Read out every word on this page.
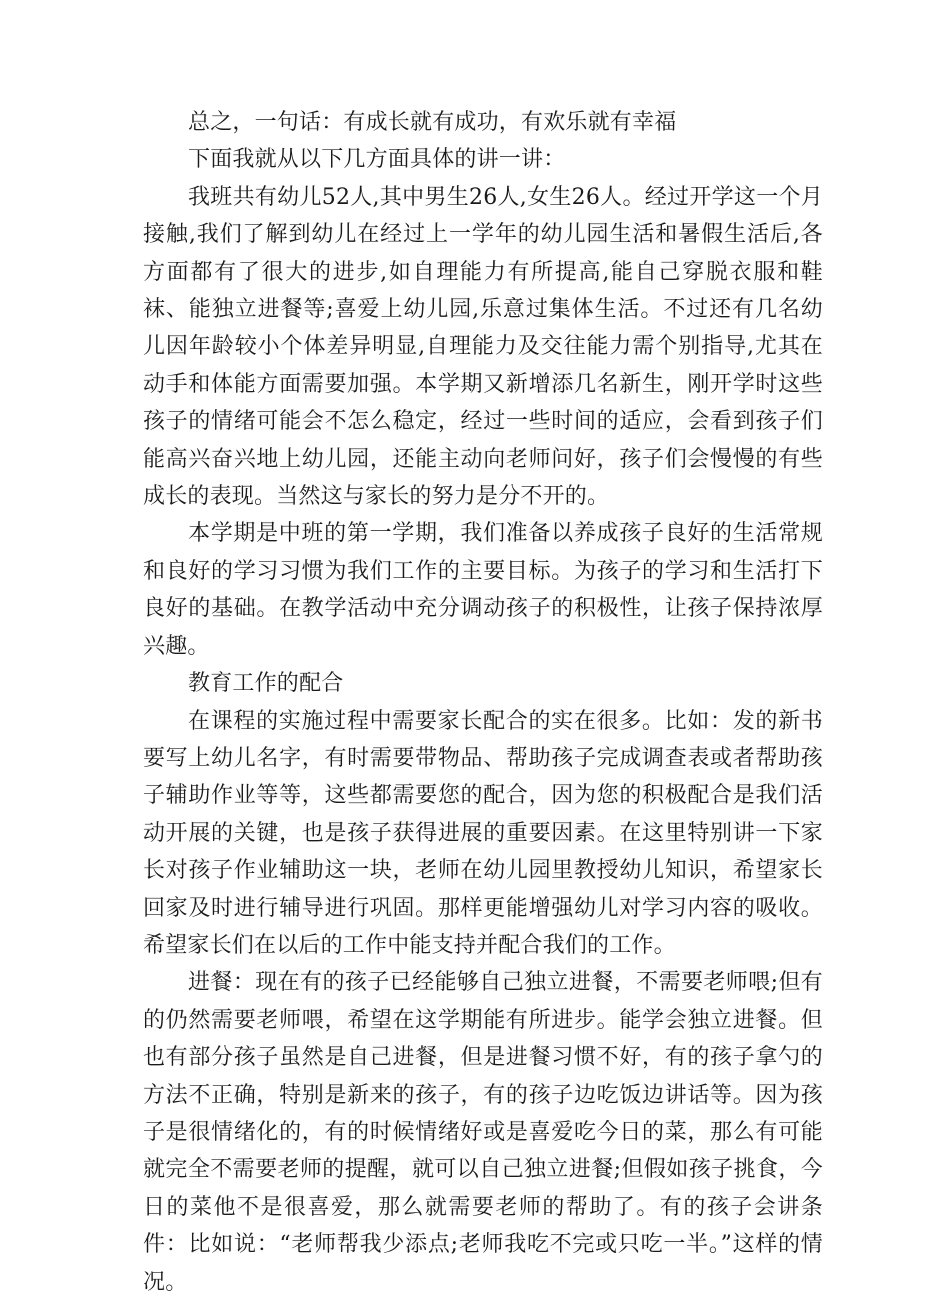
总之，一句话：有成长就有成功，有欢乐就有幸福

下面我就从以下几方面具体的讲一讲：

我班共有幼儿52人,其中男生26人,女生26人。经过开学这一个月接触,我们了解到幼儿在经过上一学年的幼儿园生活和暑假生活后,各方面都有了很大的进步,如自理能力有所提高,能自己穿脱衣服和鞋袜、能独立进餐等;喜爱上幼儿园,乐意过集体生活。不过还有几名幼儿因年龄较小个体差异明显,自理能力及交往能力需个别指导,尤其在动手和体能方面需要加强。本学期又新增添几名新生，刚开学时这些孩子的情绪可能会不怎么稳定，经过一些时间的适应，会看到孩子们能高兴奋兴地上幼儿园，还能主动向老师问好，孩子们会慢慢的有些成长的表现。当然这与家长的努力是分不开的。

本学期是中班的第一学期，我们准备以养成孩子良好的生活常规和良好的学习习惯为我们工作的主要目标。为孩子的学习和生活打下良好的基础。在教学活动中充分调动孩子的积极性，让孩子保持浓厚兴趣。

教育工作的配合

在课程的实施过程中需要家长配合的实在很多。比如：发的新书要写上幼儿名字，有时需要带物品、帮助孩子完成调查表或者帮助孩子辅助作业等等，这些都需要您的配合，因为您的积极配合是我们活动开展的关键，也是孩子获得进展的重要因素。在这里特别讲一下家长对孩子作业辅助这一块，老师在幼儿园里教授幼儿知识，希望家长回家及时进行辅导进行巩固。那样更能增强幼儿对学习内容的吸收。希望家长们在以后的工作中能支持并配合我们的工作。

进餐：现在有的孩子已经能够自己独立进餐，不需要老师喂;但有的仍然需要老师喂，希望在这学期能有所进步。能学会独立进餐。但也有部分孩子虽然是自己进餐，但是进餐习惯不好，有的孩子拿勺的方法不正确，特别是新来的孩子，有的孩子边吃饭边讲话等。因为孩子是很情绪化的，有的时候情绪好或是喜爱吃今日的菜，那么有可能就完全不需要老师的提醒，就可以自己独立进餐;但假如孩子挑食，今日的菜他不是很喜爱，那么就需要老师的帮助了。有的孩子会讲条件：比如说：“老师帮我少添点;老师我吃不完或只吃一半。”这样的情况。
